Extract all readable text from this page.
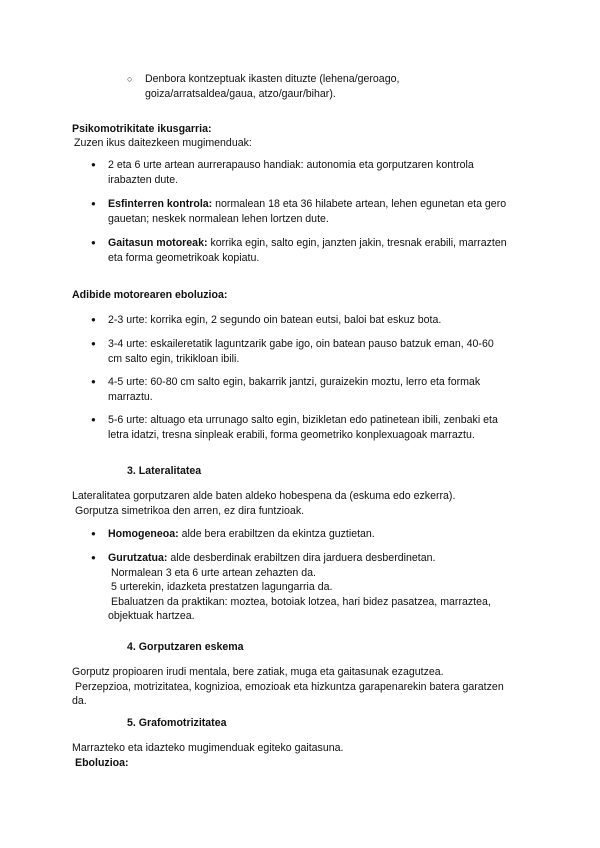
○ Denbora kontzeptuak ikasten dituzte (lehena/geroago,
goiza/arratsaldea/gaua, atzo/gaur/bihar).
Psikomotrikitate ikusgarria:
Zuzen ikus daitezkeen mugimenduak:
● 2 eta 6 urte artean aurrerapauso handiak: autonomia eta gorputzaren kontrola
irabazten dute.
● Esfinterren kontrola: normalean 18 eta 36 hilabete artean, lehen egunetan eta gero
gauetan; neskek normalean lehen lortzen dute.
● Gaitasun motoreak: korrika egin, salto egin, janzten jakin, tresnak erabili, marrazten
eta forma geometrikoak kopiatu.
Adibide motorearen eboluzioa:
● 2-3 urte: korrika egin, 2 segundo oin batean eutsi, baloi bat eskuz bota.
● 3-4 urte: eskaileretatik laguntzarik gabe igo, oin batean pauso batzuk eman, 40-60
cm salto egin, trikikloan ibili.
● 4-5 urte: 60-80 cm salto egin, bakarrik jantzi, guraizekin moztu, lerro eta formak
marraztu.
● 5-6 urte: altuago eta urrunago salto egin, bizikletan edo patinetean ibili, zenbaki eta
letra idatzi, tresna sinpleak erabili, forma geometriko konplexuagoak marraztu.
3. Lateralitatea
Lateralitatea gorputzaren alde baten aldeko hobespena da (eskuma edo ezkerra).
Gorputza simetrikoa den arren, ez dira funtzioak.
● Homogeneoa: alde bera erabiltzen da ekintza guztietan.
● Gurutzatua: alde desberdinak erabiltzen dira jarduera desberdinetan.
Normalean 3 eta 6 urte artean zehazten da.
5 urterekin, idazketa prestatzen lagungarria da.
Ebaluatzen da praktikan: moztea, botoiak lotzea, hari bidez pasatzea, marraztea,
objektuak hartzea.
4. Gorputzaren eskema
Gorputz propioaren irudi mentala, bere zatiak, muga eta gaitasunak ezagutzea.
Perzepzioa, motrizitatea, kognizioa, emozioak eta hizkuntza garapenarekin batera garatzen
da.
5. Grafomotrizitatea
Marrazteko eta idazteko mugimenduak egiteko gaitasuna.
Eboluzioa:
